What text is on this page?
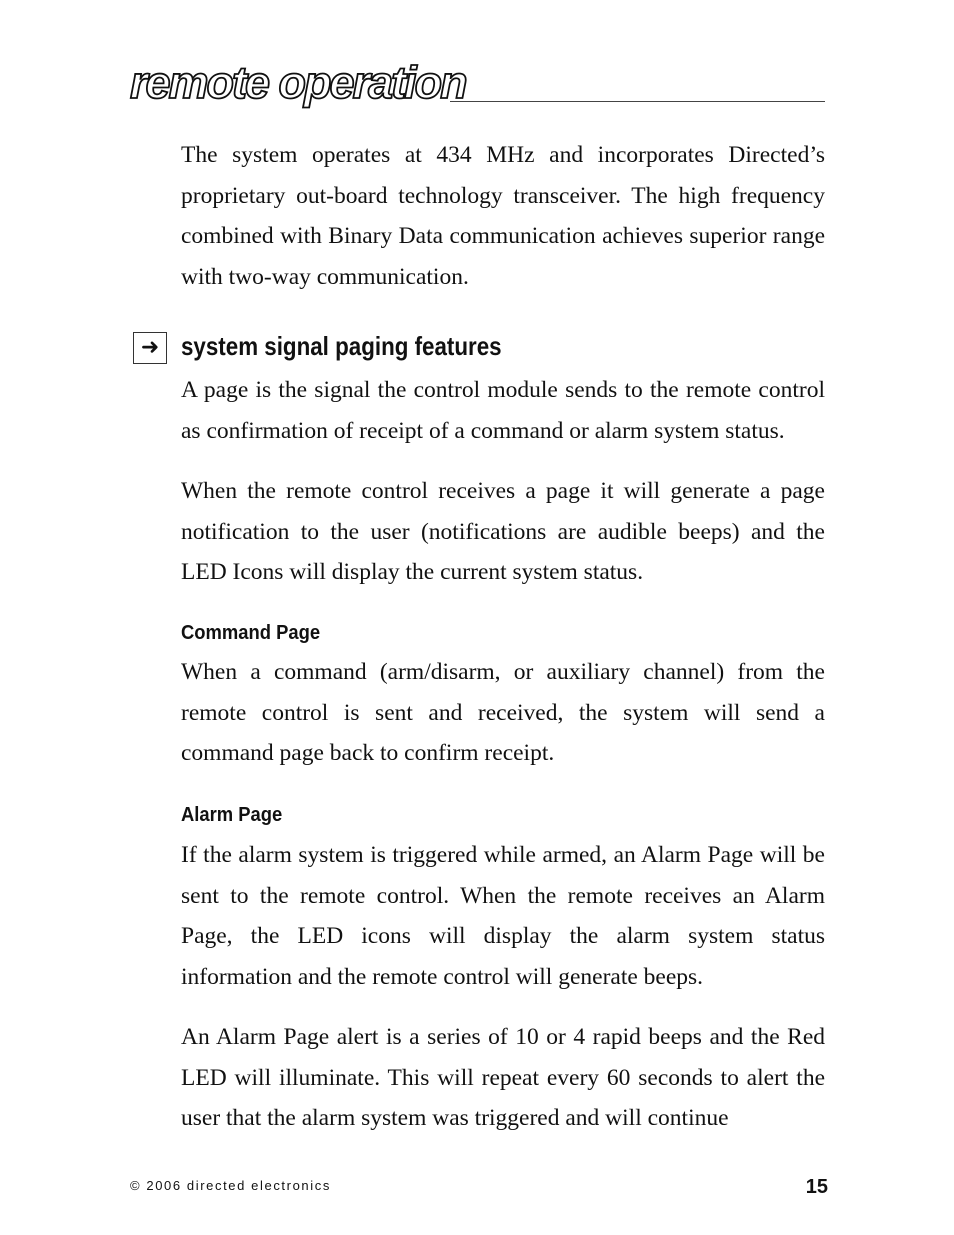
remote operation

The system operates at 434 MHz and incorporates Directed’s proprietary out-board technology transceiver. The high frequency combined with Binary Data communication achieves superior range with two-way communication.

➜ system signal paging features

A page is the signal the control module sends to the remote control as confirmation of receipt of a command or alarm system status.

When the remote control receives a page it will generate a page notification to the user (notifications are audible beeps) and the LED Icons will display the current system status.

Command Page

When a command (arm/disarm, or auxiliary channel) from the remote control is sent and received, the system will send a command page back to confirm receipt.

Alarm Page

If the alarm system is triggered while armed, an Alarm Page will be sent to the remote control. When the remote receives an Alarm Page, the LED icons will display the alarm system status information and the remote control will generate beeps.

An Alarm Page alert is a series of 10 or 4 rapid beeps and the Red LED will illuminate. This will repeat every 60 seconds to alert the user that the alarm system was triggered and will continue

© 2006 directed electronics	15
